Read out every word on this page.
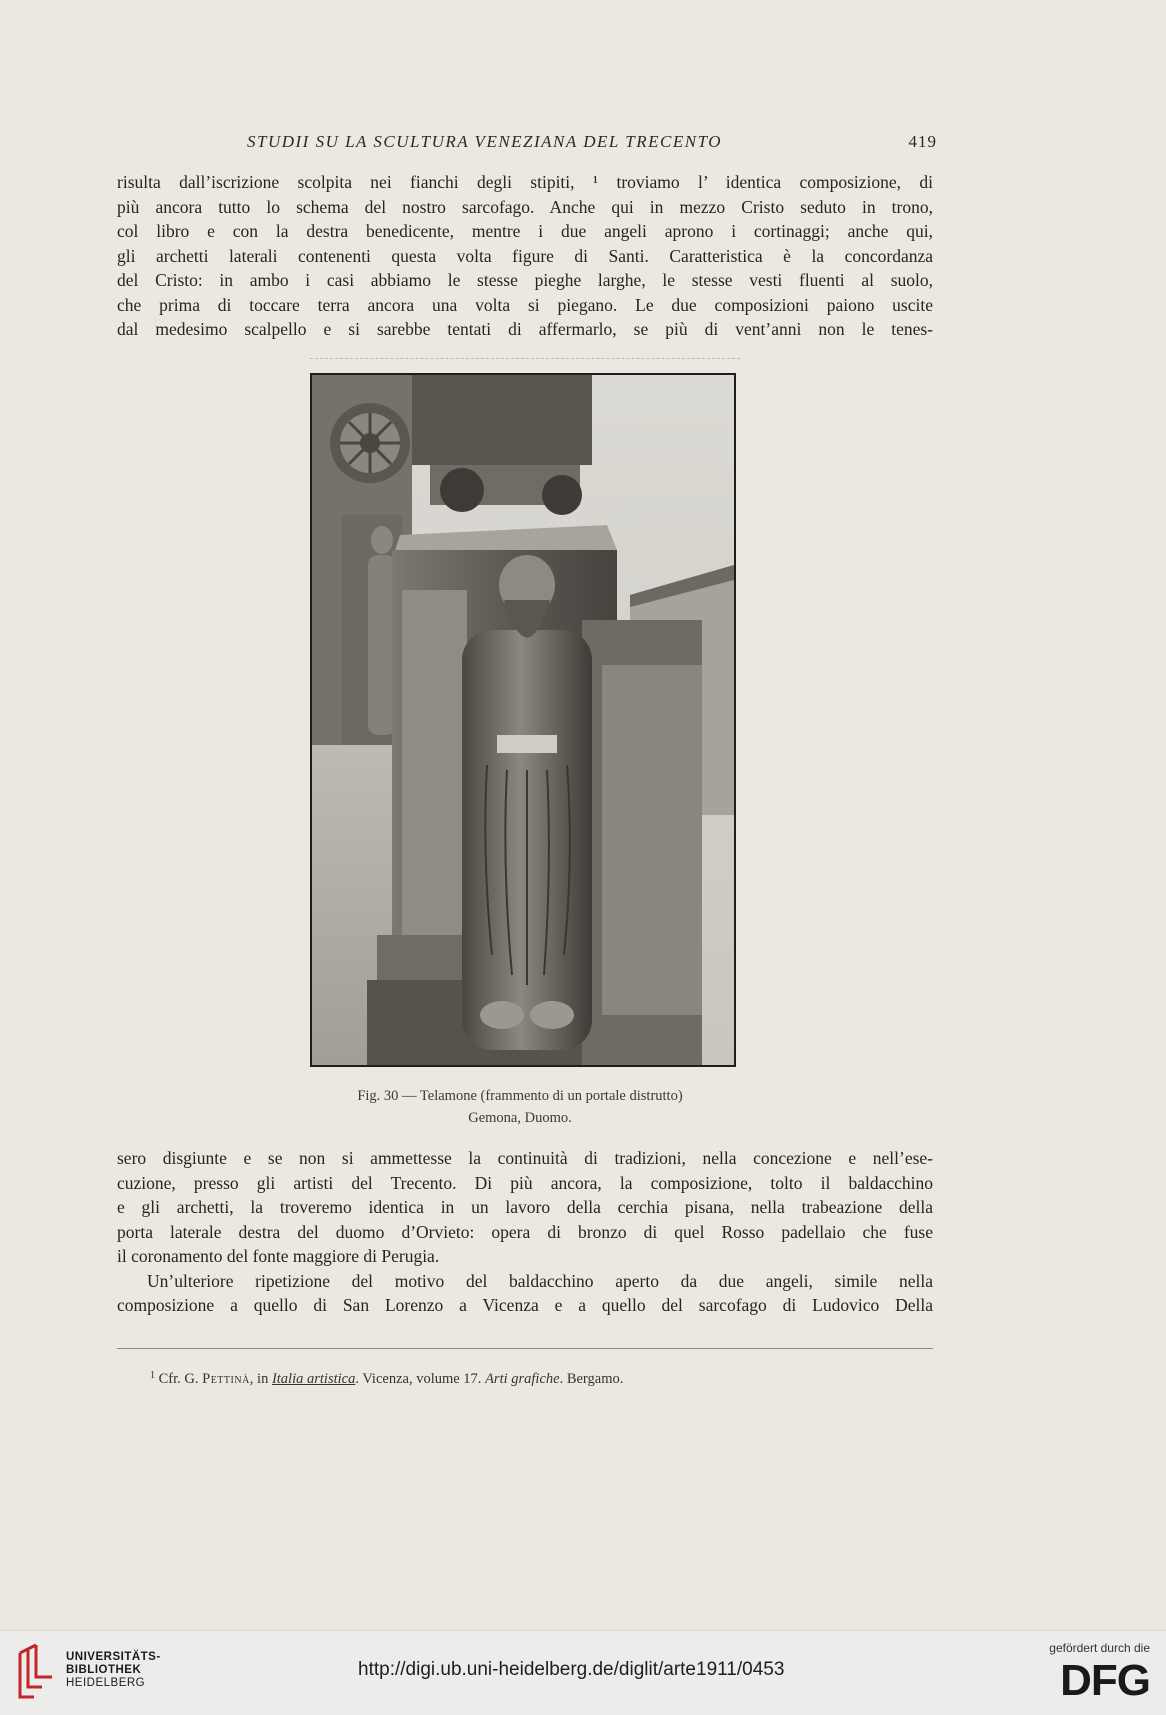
STUDII SU LA SCULTURA VENEZIANA DEL TRECENTO	419
risulta dall’iscrizione scolpita nei fianchi degli stipiti, ¹ troviamo l’ identica composizione, di
più ancora tutto lo schema del nostro sarcofago. Anche qui in mezzo Cristo seduto in trono,
col libro e con la destra benedicente, mentre i due angeli aprono i cortinaggi; anche qui,
gli archetti laterali contenenti questa volta figure di Santi. Caratteristica è la concordanza
del Cristo: in ambo i casi abbiamo le stesse pieghe larghe, le stesse vesti fluenti al suolo,
che prima di toccare terra ancora una volta si piegano. Le due composizioni paiono uscite
dal medesimo scalpello e si sarebbe tentati di affermarlo, se più di vent’anni non le tenes-
Fig. 30 — Telamone (frammento di un portale distrutto)
Gemona, Duomo.
sero disgiunte e se non si ammettesse la continuità di tradizioni, nella concezione e nell’ese-
cuzione, presso gli artisti del Trecento. Di più ancora, la composizione, tolto il baldacchino
e gli archetti, la troveremo identica in un lavoro della cerchia pisana, nella trabeazione della
porta laterale destra del duomo d’Orvieto: opera di bronzo di quel Rosso padellaio che fuse
il coronamento del fonte maggiore di Perugia.
Un’ulteriore ripetizione del motivo del baldacchino aperto da due angeli, simile nella
composizione a quello di San Lorenzo a Vicenza e a quello del sarcofago di Ludovico Della
$^1$ Cfr. G. Pettinà, in Italia artistica. Vicenza, volume 17. Arti grafiche. Bergamo.
UNIVERSITÄTS-
BIBLIOTHEK
HEIDELBERG
http://digi.ub.uni-heidelberg.de/diglit/arte1911/0453
gefördert durch die
DFG
